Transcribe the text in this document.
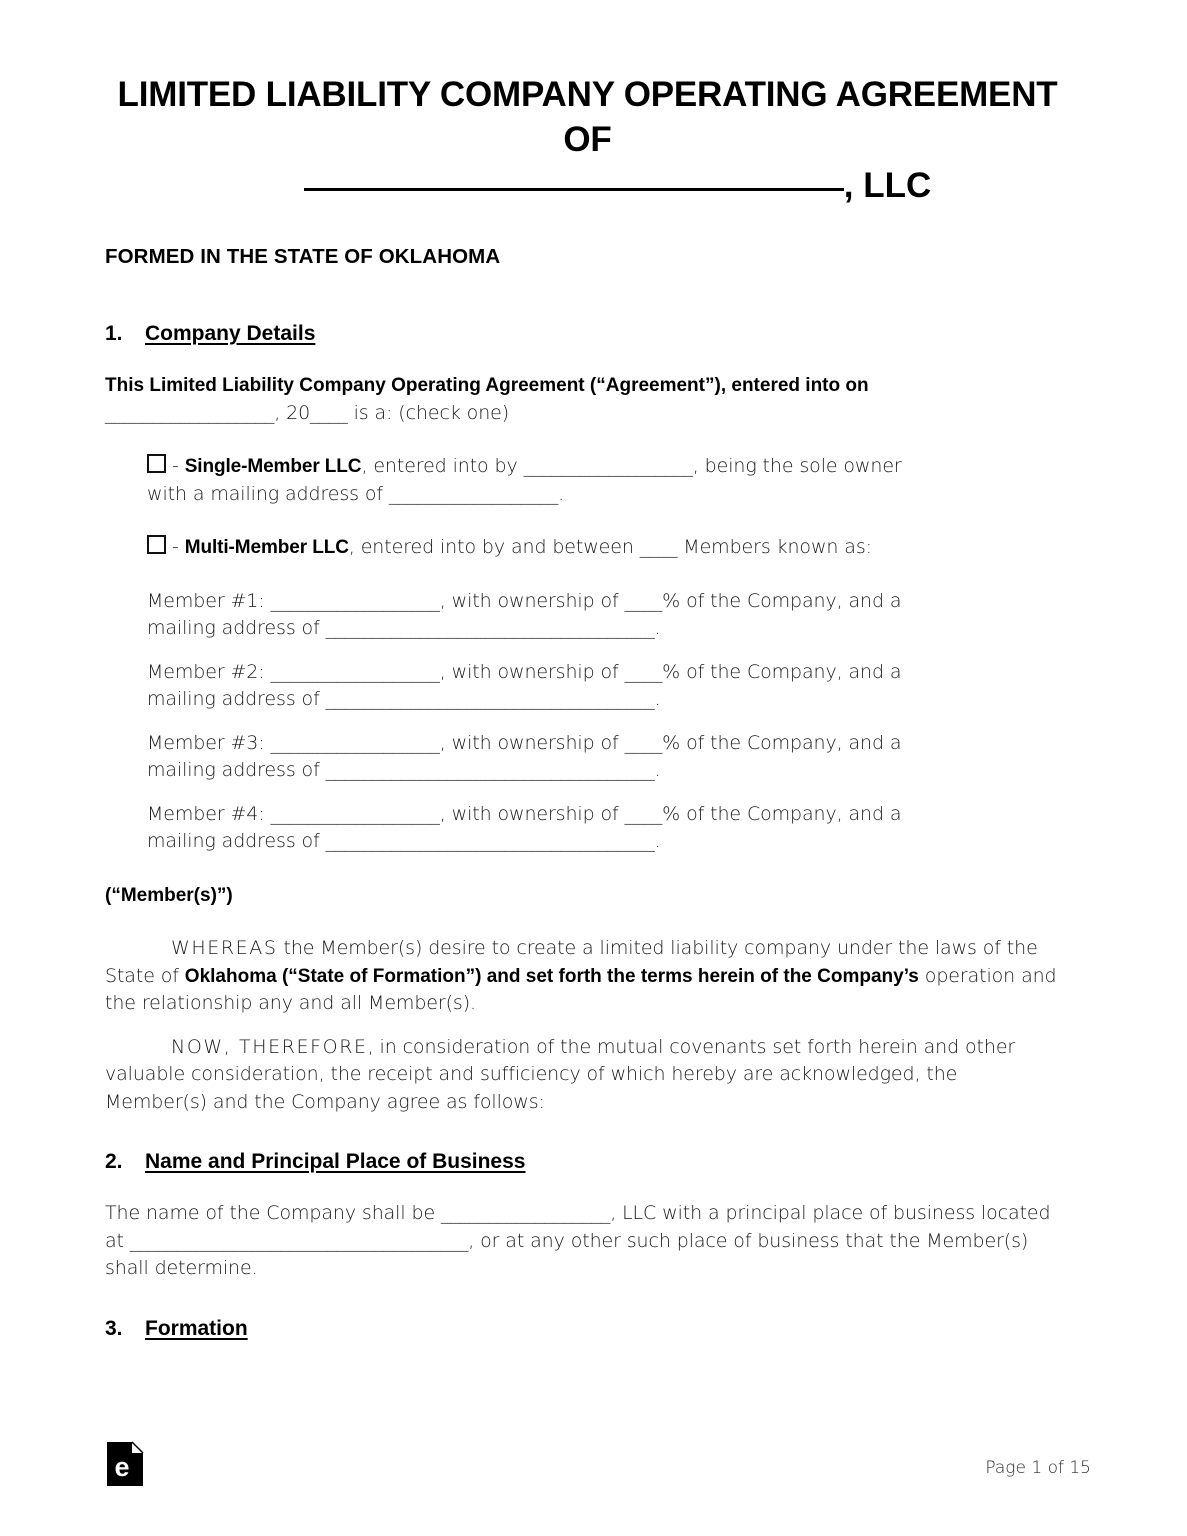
LIMITED LIABILITY COMPANY OPERATING AGREEMENT
OF
, LLC
FORMED IN THE STATE OF OKLAHOMA
1.	Company Details
This Limited Liability Company Operating Agreement (“Agreement”), entered into on
__________________, 20____ is a: (check one)
- Single-Member LLC, entered into by __________________, being the sole owner
with a mailing address of __________________.
- Multi-Member LLC, entered into by and between ____ Members known as:
Member #1: __________________, with ownership of ____% of the Company, and a
mailing address of ___________________________________.
Member #2: __________________, with ownership of ____% of the Company, and a
mailing address of ___________________________________.
Member #3: __________________, with ownership of ____% of the Company, and a
mailing address of ___________________________________.
Member #4: __________________, with ownership of ____% of the Company, and a
mailing address of ___________________________________.
(“Member(s)”)
WHEREAS the Member(s) desire to create a limited liability company under the laws of the State of Oklahoma (“State of Formation”) and set forth the terms herein of the Company’s operation and the relationship any and all Member(s).
NOW, THEREFORE, in consideration of the mutual covenants set forth herein and other valuable consideration, the receipt and sufficiency of which hereby are acknowledged, the Member(s) and the Company agree as follows:
2.	Name and Principal Place of Business
The name of the Company shall be __________________, LLC with a principal place of business located at ____________________________________, or at any other such place of business that the Member(s) shall determine.
3.	Formation
e	Page 1 of 15
